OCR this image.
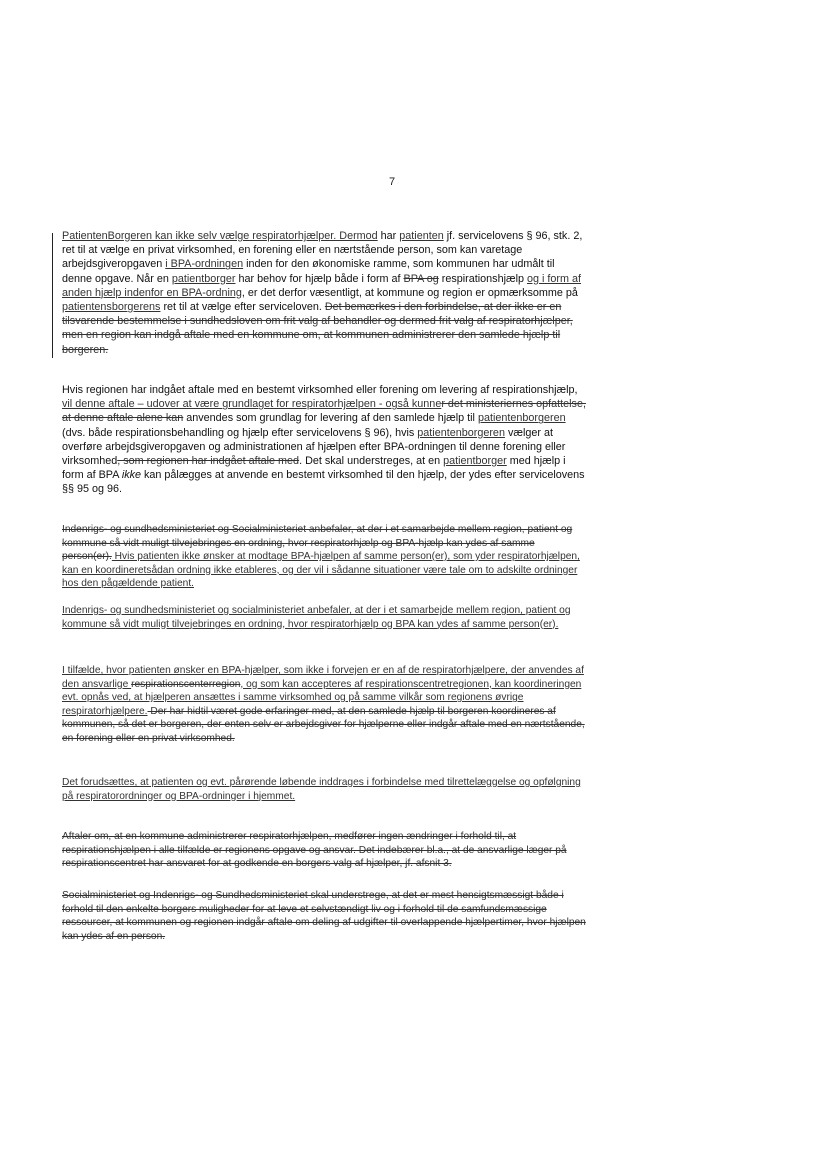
7
PatientenBorgeren kan ikke selv vælge respiratorhjælper. Dermod har patienten jf. servicelovens § 96, stk. 2, ret til at vælge en privat virksomhed, en forening eller en nærtstående person, som kan varetage arbejdsgiveropgaven i BPA-ordningen inden for den økonomiske ramme, som kommunen har udmålt til denne opgave. Når en patientborger har behov for hjælp både i form af BPA og respirationshjælp og i form af anden hjælp indenfor en BPA-ordning, er det derfor væsentligt, at kommune og region er opmærksomme på patientensborgerens ret til at vælge efter serviceloven. Det bemærkes i den forbindelse, at der ikke er en tilsvarende bestemmelse i sundhedsloven om frit valg af behandler og dermed frit valg af respiratorhjælper, men en region kan indgå aftale med en kommune om, at kommunen administrerer den samlede hjælp til borgeren.
Hvis regionen har indgået aftale med en bestemt virksomhed eller forening om levering af respirationshjælp, vil denne aftale – udover at være grundlaget for respiratorhjælpen - også kunner det ministeriernes opfattelse, at denne aftale alene kan anvendes som grundlag for levering af den samlede hjælp til patientenborgeren (dvs. både respirationsbehandling og hjælp efter servicelovens § 96), hvis patientenborgeren vælger at overføre arbejdsgiveropgaven og administrationen af hjælpen efter BPA-ordningen til denne forening eller virksomhed, som regionen har indgået aftale med. Det skal understreges, at en patientborger med hjælp i form af BPA ikke kan pålægges at anvende en bestemt virksomhed til den hjælp, der ydes efter servicelovens §§ 95 og 96.
Indenrigs- og sundhedsministeriet og Socialministeriet anbefaler, at der i et samarbejde mellem region, patient og kommune så vidt muligt tilvejebringes en ordning, hvor respiratorhjælp og BPA-hjælp kan ydes af samme person(er). Hvis patienten ikke ønsker at modtage BPA-hjælpen af samme person(er), som yder respiratorhjælpen, kan en koordineretsådan ordning ikke etableres, og der vil i sådanne situationer være tale om to adskilte ordninger hos den pågældende patient.
Indenrigs- og sundhedsministeriet og socialministeriet anbefaler, at der i et samarbejde mellem region, patient og kommune så vidt muligt tilvejebringes en ordning, hvor respiratorhjælp og BPA kan ydes af samme person(er).
I tilfælde, hvor patienten ønsker en BPA-hjælper, som ikke i forvejen er en af de respiratorhjælpere, der anvendes af den ansvarlige respirationscenterregion, og som kan accepteres af respirationscentretregionen, kan koordineringen evt. opnås ved, at hjælperen ansættes i samme virksomhed og på samme vilkår som regionens øvrige respiratorhjælpere. Der har hidtil været gode erfaringer med, at den samlede hjælp til borgeren koordineres af kommunen, så det er borgeren, der enten selv er arbejdsgiver for hjælperne eller indgår aftale med en nærtstående, en forening eller en privat virksomhed.
Det forudsættes, at patienten og evt. pårørende løbende inddrages i forbindelse med tilrettelæggelse og opfølgning på respiratorordninger og BPA-ordninger i hjemmet.
Aftaler om, at en kommune administrerer respiratorhjælpen, medfører ingen ændringer i forhold til, at respirationshjælpen i alle tilfælde er regionens opgave og ansvar. Det indebærer bl.a., at de ansvarlige læger på respirationscentret har ansvaret for at godkende en borgers valg af hjælper, jf. afsnit 3.
Socialministeriet og Indenrigs- og Sundhedsministeriet skal understrege, at det er mest hensigtsmæssigt både i forhold til den enkelte borgers muligheder for at leve et selvstændigt liv og i forhold til de samfundsmæssige ressourcer, at kommunen og regionen indgår aftale om deling af udgifter til overlappende hjælpertimer, hvor hjælpen kan ydes af en person.
